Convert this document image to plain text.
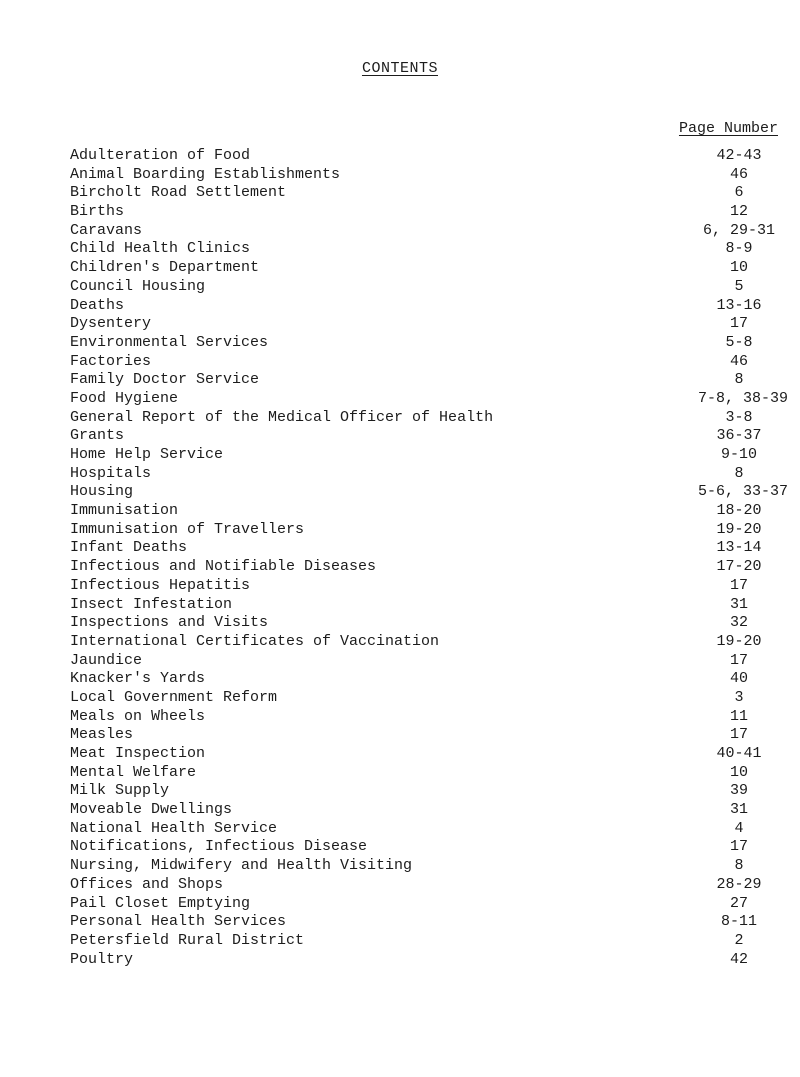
CONTENTS
Page Number
Adulteration of Food	42-43
Animal Boarding Establishments	46
Bircholt Road Settlement	6
Births	12
Caravans	6, 29-31
Child Health Clinics	8-9
Children's Department	10
Council Housing	5
Deaths	13-16
Dysentery	17
Environmental Services	5-8
Factories	46
Family Doctor Service	8
Food Hygiene	7-8, 38-39
General Report of the Medical Officer of Health	3-8
Grants	36-37
Home Help Service	9-10
Hospitals	8
Housing	5-6, 33-37
Immunisation	18-20
Immunisation of Travellers	19-20
Infant Deaths	13-14
Infectious and Notifiable Diseases	17-20
Infectious Hepatitis	17
Insect Infestation	31
Inspections and Visits	32
International Certificates of Vaccination	19-20
Jaundice	17
Knacker's Yards	40
Local Government Reform	3
Meals on Wheels	11
Measles	17
Meat Inspection	40-41
Mental Welfare	10
Milk Supply	39
Moveable Dwellings	31
National Health Service	4
Notifications, Infectious Disease	17
Nursing, Midwifery and Health Visiting	8
Offices and Shops	28-29
Pail Closet Emptying	27
Personal Health Services	8-11
Petersfield Rural District	2
Poultry	42
